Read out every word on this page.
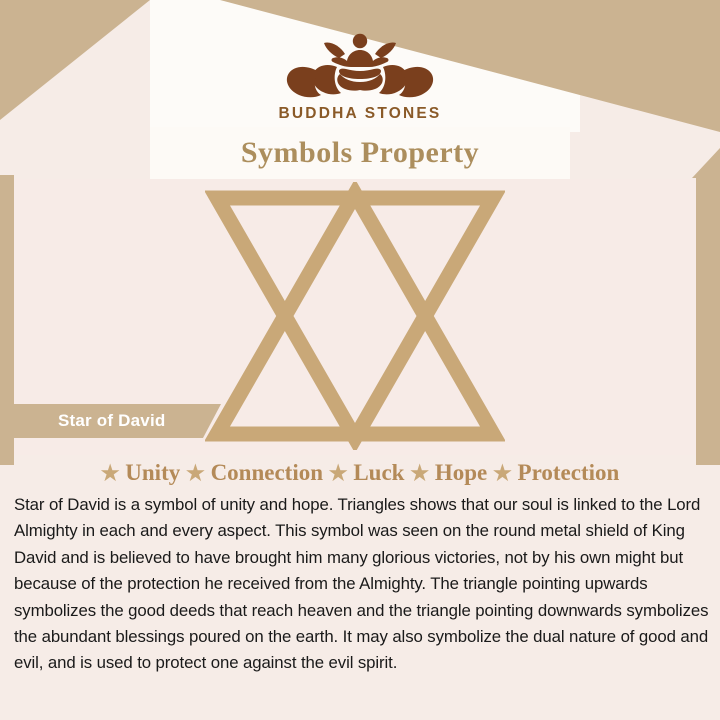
BUDDHA STONES
Symbols Property
Star of David
★ Unity ★ Connection ★ Luck ★ Hope ★ Protection

Star of David is a symbol of unity and hope. Triangles shows that our soul is linked to the Lord Almighty in each and every aspect. This symbol was seen on the round metal shield of King David and is believed to have brought him many glorious victories, not by his own might but because of the protection he received from the Almighty. The triangle pointing upwards symbolizes the good deeds that reach heaven and the triangle pointing downwards symbolizes the abundant blessings poured on the earth. It may also symbolize the dual nature of good and evil, and is used to protect one against the evil spirit.
